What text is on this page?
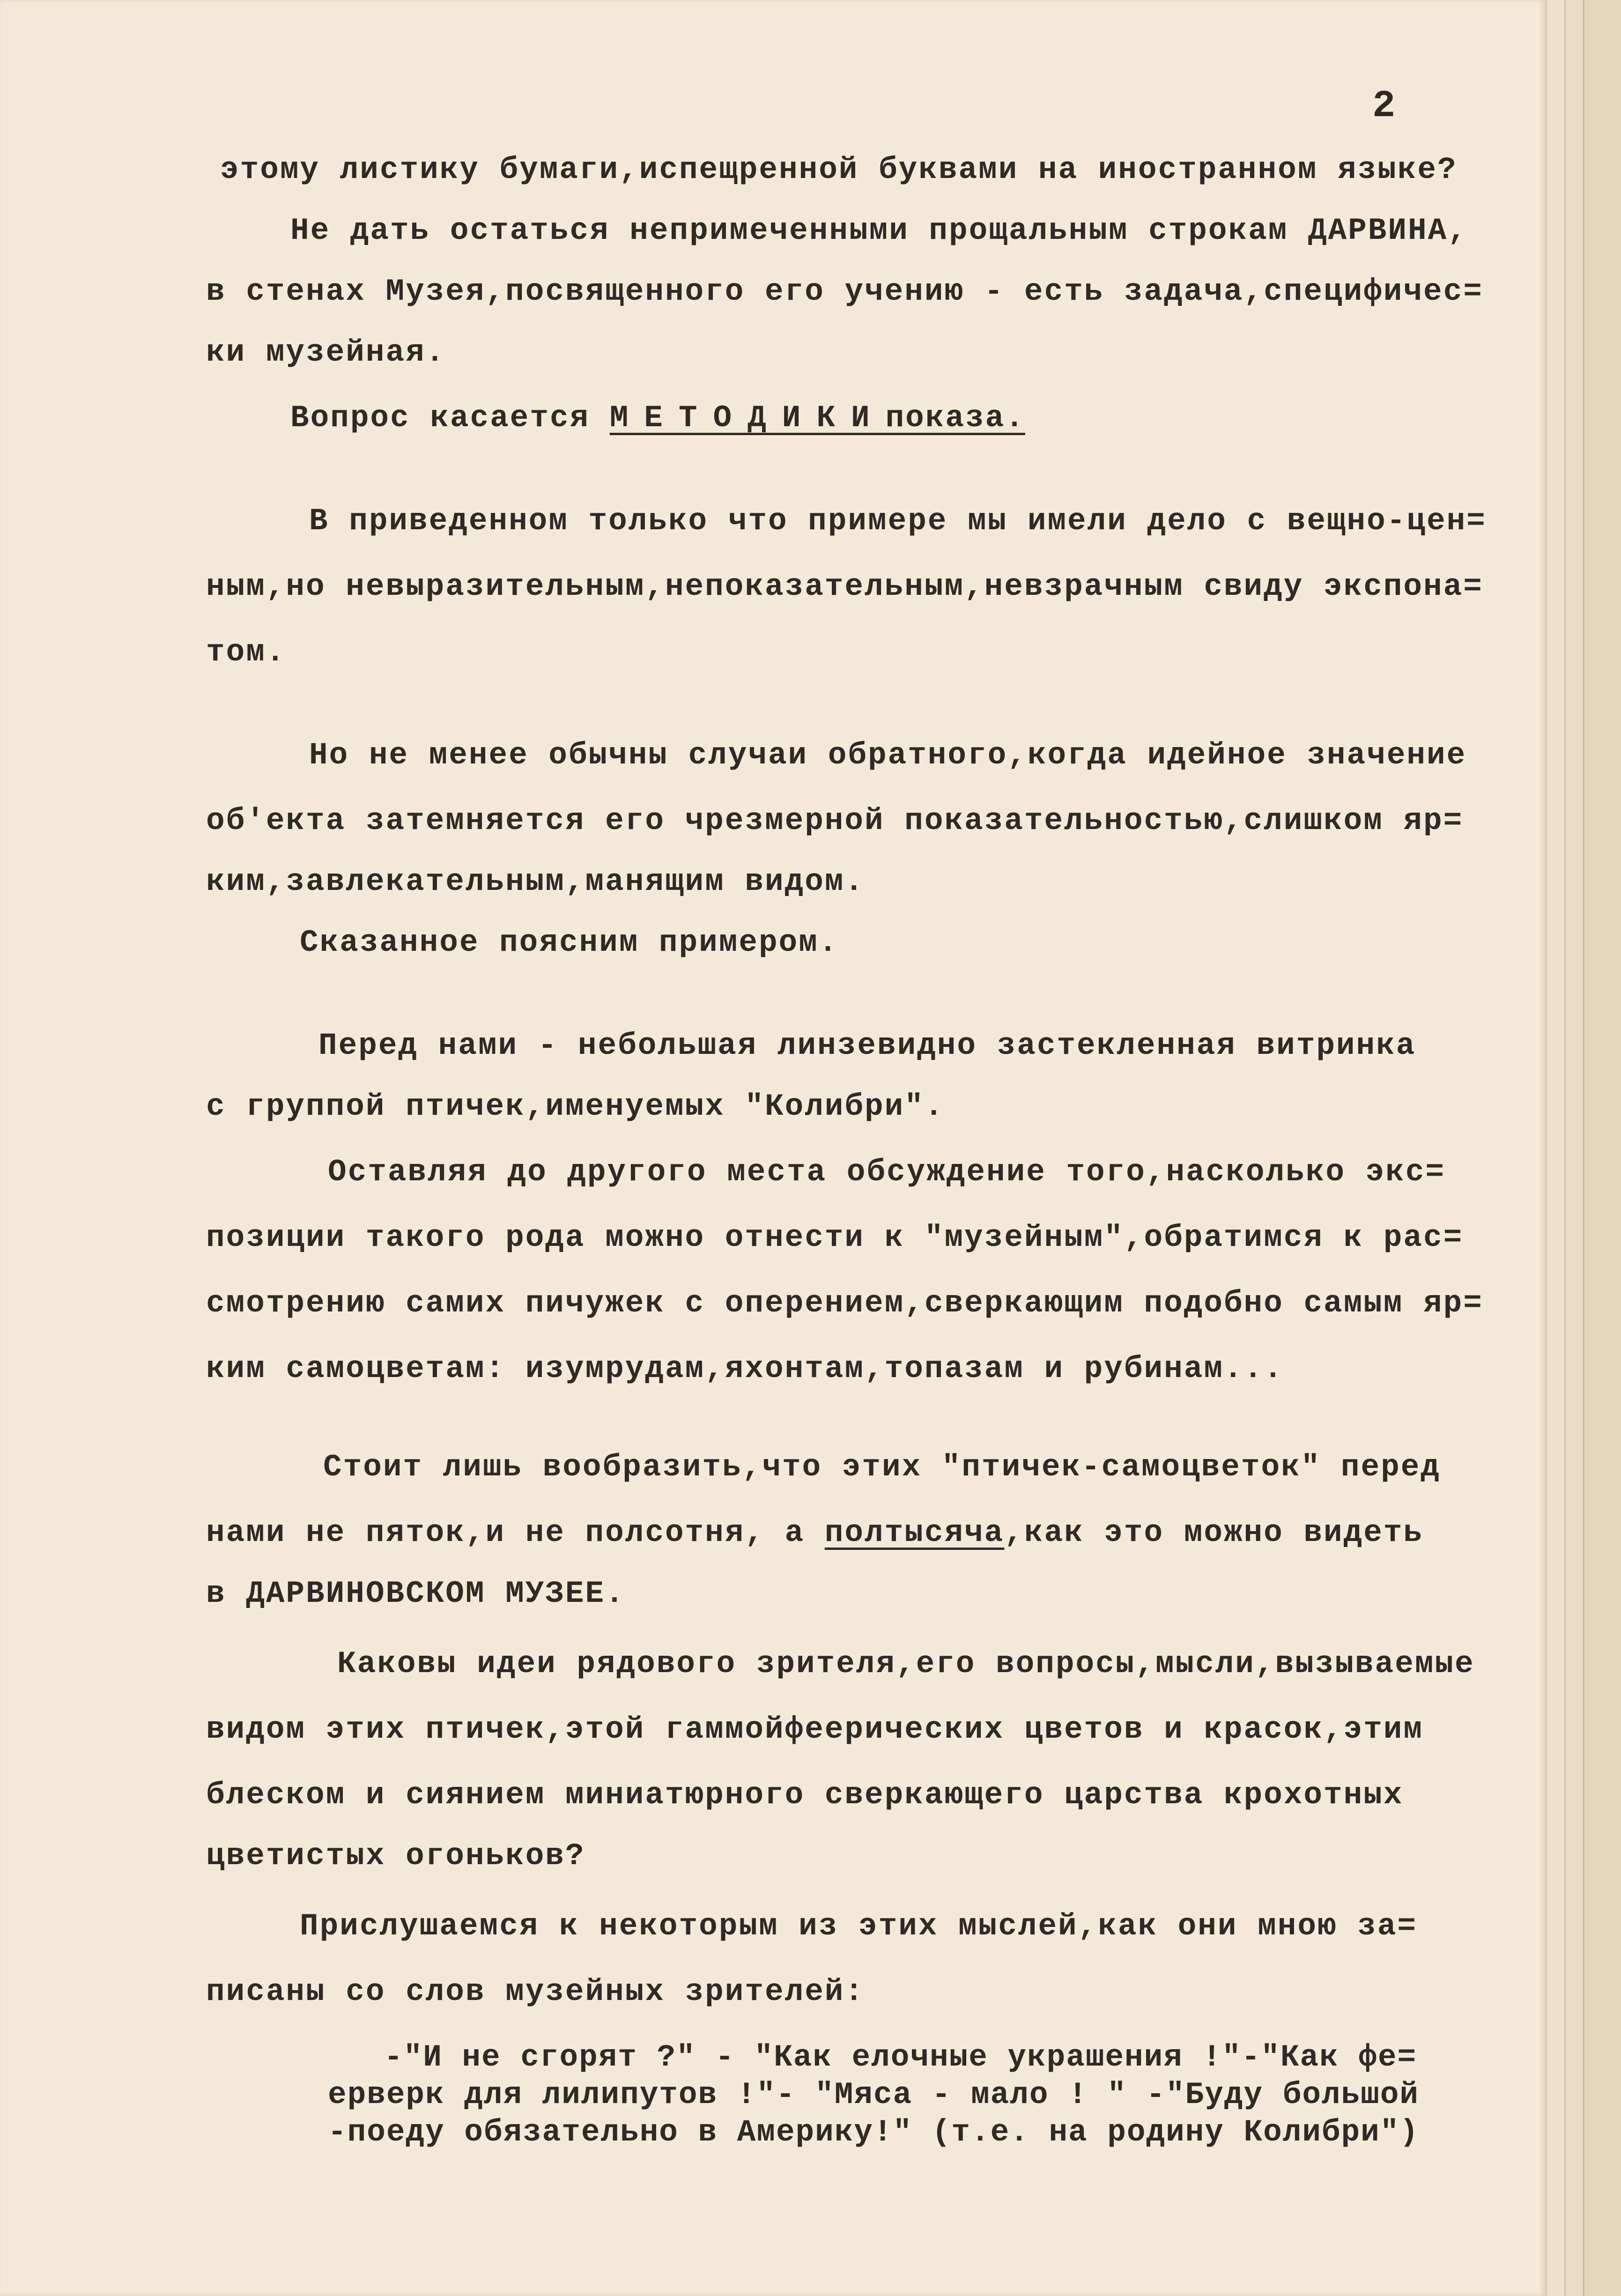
2
этому листику бумаги,испещренной буквами на иностранном языке?
Не дать остаться непримеченными прощальным строкам ДАРВИНА,
в стенах Музея,посвященного его учению - есть задача,специфичес=
ки музейная.
Вопрос касается МЕТОДИКИпоказа.
В приведенном только что примере мы имели дело с вещно-цен=
ным,но невыразительным,непоказательным,невзрачным свиду экспона=
том.
Но не менее обычны случаи обратного,когда идейное значение
об'екта затемняется его чрезмерной показательностью,слишком яр=
ким,завлекательным,манящим видом.
Сказанное поясним примером.
Перед нами - небольшая линзевидно застекленная витринка
с группой птичек,именуемых "Колибри".
Оставляя до другого места обсуждение того,насколько экс=
позиции такого рода можно отнести к "музейным",обратимся к рас=
смотрению самих пичужек с оперением,сверкающим подобно самым яр=
ким самоцветам: изумрудам,яхонтам,топазам и рубинам...
Стоит лишь вообразить,что этих "птичек-самоцветок" перед
нами не пяток,и не полсотня, а полтысяча,как это можно видеть
в ДАРВИНОВСКОМ МУЗЕЕ.
Каковы идеи рядового зрителя,его вопросы,мысли,вызываемые
видом этих птичек,этой гаммойфеерических цветов и красок,этим
блеском и сиянием миниатюрного сверкающего царства крохотных
цветистых огоньков?
Прислушаемся к некоторым из этих мыслей,как они мною за=
писаны со слов музейных зрителей:
-"И не сгорят ?" - "Как елочные украшения !"-"Как фе=
ерверк для лилипутов !"- "Мяса - мало ! " -"Буду большой
-поеду обязательно в Америку!" (т.е. на родину Колибри")
